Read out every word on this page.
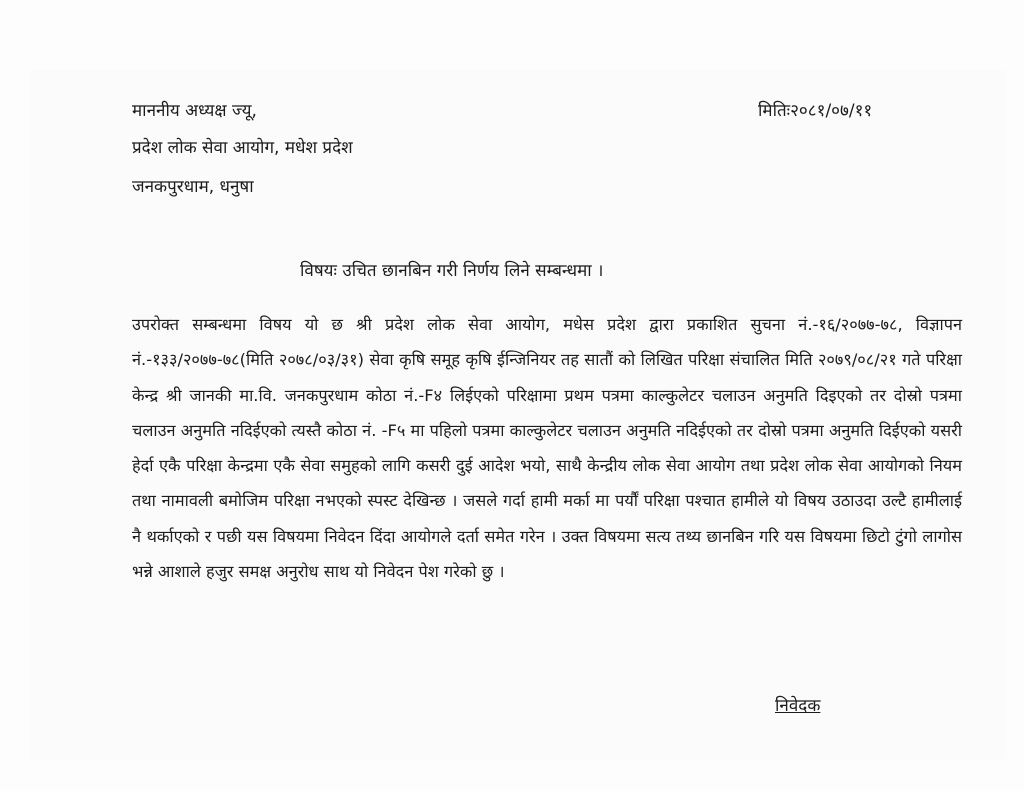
माननीय अध्यक्ष ज्यू,
प्रदेश लोक सेवा आयोग, मधेश प्रदेश
जनकपुरधाम, धनुषा
मितिः२०८१/०७/११
विषयः उचित छानबिन गरी निर्णय लिने सम्बन्धमा ।
उपरोक्त सम्बन्धमा विषय यो छ श्री प्रदेश लोक सेवा आयोग, मधेस प्रदेश द्वारा प्रकाशित सुचना नं.-१६/२०७७-७८, विज्ञापन नं.-१३३/२०७७-७८(मिति २०७८/०३/३१) सेवा कृषि समूह कृषि ईन्जिनियर तह सातौं को लिखित परिक्षा संचालित मिति २०७९/०८/२१ गते परिक्षा केन्द्र श्री जानकी मा.वि. जनकपुरधाम कोठा नं.-F४ लिईएको परिक्षामा प्रथम पत्रमा काल्कुलेटर चलाउन अनुमति दिइएको तर दोस्रो पत्रमा चलाउन अनुमति नदिईएको त्यस्तै कोठा नं. -F५ मा पहिलो पत्रमा काल्कुलेटर चलाउन अनुमति नदिईएको तर दोस्रो पत्रमा अनुमति दिईएको यसरी हेर्दा एकै परिक्षा केन्द्रमा एकै सेवा समुहको लागि कसरी दुई आदेश भयो, साथै केन्द्रीय लोक सेवा आयोग तथा प्रदेश लोक सेवा आयोगको नियम तथा नामावली बमोजिम परिक्षा नभएको स्पस्ट देखिन्छ । जसले गर्दा हामी मर्का मा पर्यौं परिक्षा पश्चात हामीले यो विषय उठाउदा उल्टै हामीलाई नै थर्काएको र पछी यस विषयमा निवेदन दिंदा आयोगले दर्ता समेत गरेन । उक्त विषयमा सत्य तथ्य छानबिन गरि यस विषयमा छिटो टुंगो लागोस भन्ने आशाले हजुर समक्ष अनुरोध साथ यो निवेदन पेश गरेको छु ।
निवेदक
